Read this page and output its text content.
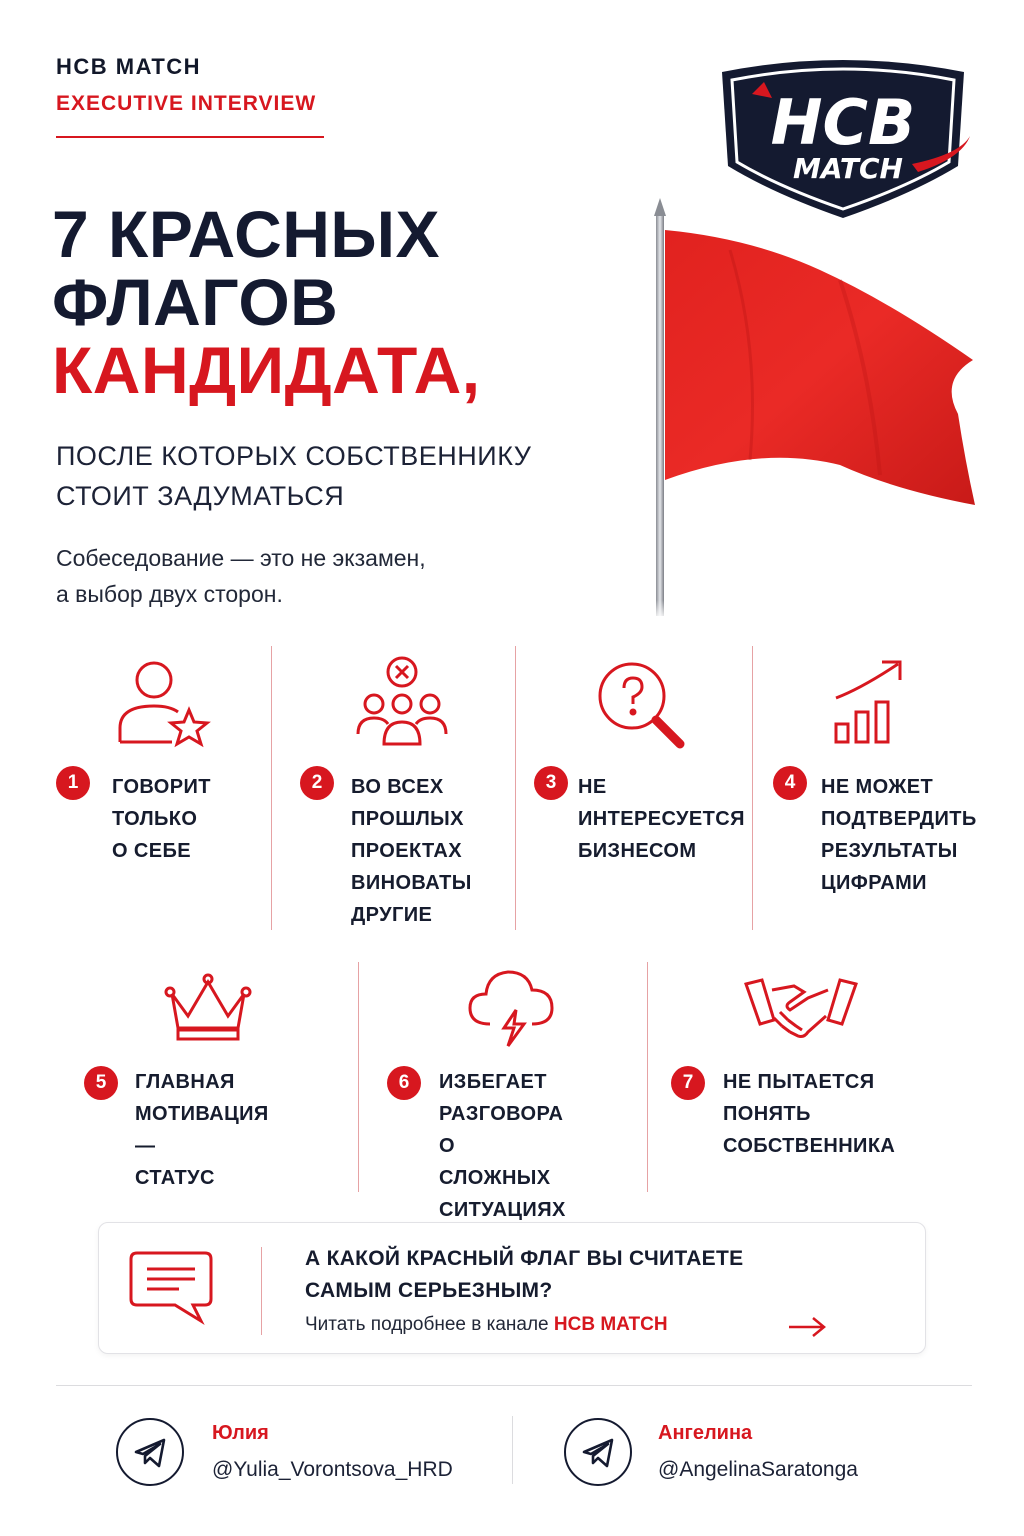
HCB MATCH
EXECUTIVE INTERVIEW	HCB
MATCH
7 КРАСНЫХ
ФЛАГОВ
КАНДИДАТА,
ПОСЛЕ КОТОРЫХ СОБСТВЕННИКУ
СТОИТ ЗАДУМАТЬСЯ
Собеседование — это не экзамен,
а выбор двух сторон.
1	ГОВОРИТ
ТОЛЬКО
О СЕБЕ
2	ВО ВСЕХ
ПРОШЛЫХ
ПРОЕКТАХ
ВИНОВАТЫ
ДРУГИЕ
3	НЕ
ИНТЕРЕСУЕТСЯ
БИЗНЕСОМ
4	НЕ МОЖЕТ
ПОДТВЕРДИТЬ
РЕЗУЛЬТАТЫ
ЦИФРАМИ
5	ГЛАВНАЯ
МОТИВАЦИЯ —
СТАТУС
6	ИЗБЕГАЕТ
РАЗГОВОРА
О СЛОЖНЫХ
СИТУАЦИЯХ
7	НЕ ПЫТАЕТСЯ
ПОНЯТЬ
СОБСТВЕННИКА
А КАКОЙ КРАСНЫЙ ФЛАГ ВЫ СЧИТАЕТЕ САМЫМ СЕРЬЕЗНЫМ?
Читать подробнее в канале HCB MATCH
Юлия
@Yulia_Vorontsova_HRD
Ангелина
@AngelinaSaratonga
